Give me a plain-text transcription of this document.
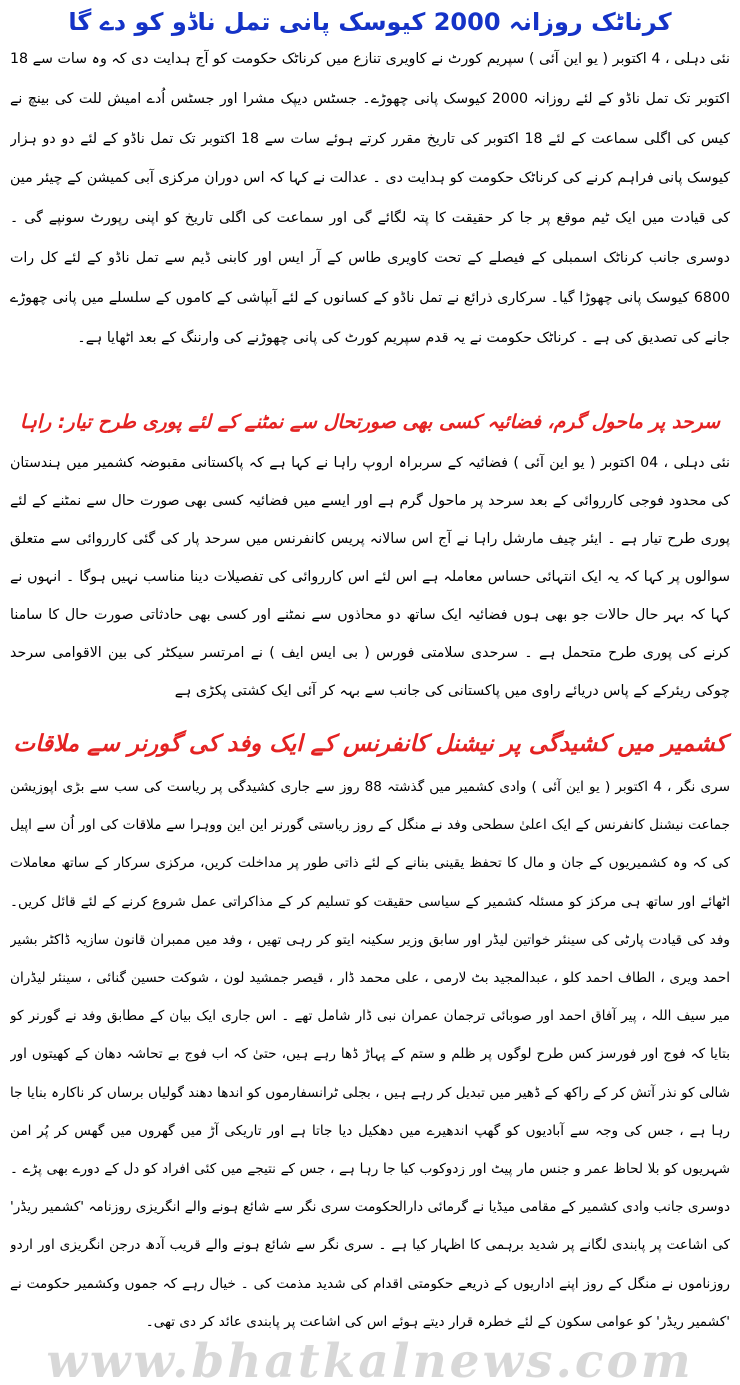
کرناٹک روزانہ 2000 کیوسک پانی تمل ناڈو کو دے گا

نئی دہلی ، 4 اکتوبر ( یو این آئی ) سپریم کورٹ نے کاویری تنازع میں کرناٹک حکومت کو آج ہدایت دی کہ وہ سات سے 18 اکتوبر تک تمل ناڈو کے لئے روزانہ 2000 کیوسک پانی چھوڑے۔ جسٹس دیپک مشرا اور جسٹس اُدے امیش للت کی بینچ نے کیس کی اگلی سماعت کے لئے 18 اکتوبر کی تاریخ مقرر کرتے ہوئے سات سے 18 اکتوبر تک تمل ناڈو کے لئے دو دو ہزار کیوسک پانی فراہم کرنے کی کرناٹک حکومت کو ہدایت دی ۔ عدالت نے کہا کہ اس دوران مرکزی آبی کمیشن کے چیئر مین کی قیادت میں ایک ٹیم موقع پر جا کر حقیقت کا پتہ لگائے گی اور سماعت کی اگلی تاریخ کو اپنی رپورٹ سونپے گی ۔ دوسری جانب کرناٹک اسمبلی کے فیصلے کے تحت کاویری طاس کے آر ایس اور کابنی ڈیم سے تمل ناڈو کے لئے کل رات 6800 کیوسک پانی چھوڑا گیا۔ سرکاری ذرائع نے تمل ناڈو کے کسانوں کے لئے آبپاشی کے کاموں کے سلسلے میں پانی چھوڑے جانے کی تصدیق کی ہے ۔ کرناٹک حکومت نے یہ قدم سپریم کورٹ کی پانی چھوڑنے کی وارننگ کے بعد اٹھایا ہے۔

سرحد پر ماحول گرم، فضائیہ کسی بھی صورتحال سے نمٹنے کے لئے پوری طرح تیار: راہا

نئی دہلی ، 04 اکتوبر ( یو این آئی ) فضائیہ کے سربراہ اروپ راہا نے کہا ہے کہ پاکستانی مقبوضہ کشمیر میں ہندستان کی محدود فوجی کارروائی کے بعد سرحد پر ماحول گرم ہے اور ایسے میں فضائیہ کسی بھی صورت حال سے نمٹنے کے لئے پوری طرح تیار ہے ۔ ایئر چیف مارشل راہا نے آج اس سالانہ پریس کانفرنس میں سرحد پار کی گئی کارروائی سے متعلق سوالوں پر کہا کہ یہ ایک انتہائی حساس معاملہ ہے اس لئے اس کارروائی کی تفصیلات دینا مناسب نہیں ہوگا ۔ انہوں نے کہا کہ بہر حال حالات جو بھی ہوں فضائیہ ایک ساتھ دو محاذوں سے نمٹنے اور کسی بھی حادثاتی صورت حال کا سامنا کرنے کی پوری طرح متحمل ہے ۔ سرحدی سلامتی فورس ( بی ایس ایف ) نے امرتسر سیکٹر کی بین الاقوامی سرحد چوکی ریئرکے کے پاس دریائے راوی میں پاکستانی کی جانب سے بہہ کر آئی ایک کشتی پکڑی ہے

کشمیر میں کشیدگی پر نیشنل کانفرنس کے ایک وفد کی گورنر سے ملاقات

سری نگر ، 4 اکتوبر ( یو این آئی ) وادی کشمیر میں گذشتہ 88 روز سے جاری کشیدگی پر ریاست کی سب سے بڑی اپوزیشن جماعت نیشنل کانفرنس کے ایک اعلیٰ سطحی وفد نے منگل کے روز ریاستی گورنر این این ووہرا سے ملاقات کی اور اُن سے اپیل کی کہ وہ کشمیریوں کے جان و مال کا تحفظ یقینی بنانے کے لئے ذاتی طور پر مداخلت کریں، مرکزی سرکار کے ساتھ معاملات اٹھائے اور ساتھ ہی مرکز کو مسئلہ کشمیر کے سیاسی حقیقت کو تسلیم کر کے مذاکراتی عمل شروع کرنے کے لئے قائل کریں۔ وفد کی قیادت پارٹی کی سینئر خواتین لیڈر اور سابق وزیر سکینہ ایتو کر رہی تھیں ، وفد میں ممبران قانون سازیہ ڈاکٹر بشیر احمد ویری ، الطاف احمد کلو ، عبدالمجید بٹ لارمی ، علی محمد ڈار ، قیصر جمشید لون ، شوکت حسین گنائی ، سینئر لیڈران میر سیف اللہ ، پیر آفاق احمد اور صوبائی ترجمان عمران نبی ڈار شامل تھے ۔ اس جاری ایک بیان کے مطابق وفد نے گورنر کو بتایا کہ فوج اور فورسز کس طرح لوگوں پر ظلم و ستم کے پہاڑ ڈھا رہے ہیں، حتیٰ کہ اب فوج بے تحاشہ دھان کے کھیتوں اور شالی کو نذر آتش کر کے راکھ کے ڈھیر میں تبدیل کر رہے ہیں ، بجلی ٹرانسفارموں کو اندھا دھند گولیاں برساں کر ناکارہ بنایا جا رہا ہے ، جس کی وجہ سے آبادیوں کو گھپ اندھیرے میں دھکیل دیا جاتا ہے اور تاریکی آڑ میں گھروں میں گھس کر پُر امن شہریوں کو بلا لحاظ عمر و جنس مار پیٹ اور زدوکوب کیا جا رہا ہے ، جس کے نتیجے میں کئی افراد کو دل کے دورے بھی پڑے ۔ دوسری جانب وادی کشمیر کے مقامی میڈیا نے گرمائی دارالحکومت سری نگر سے شائع ہونے والے انگریزی روزنامہ 'کشمیر ریڈر' کی اشاعت پر پابندی لگانے پر شدید برہمی کا اظہار کیا ہے ۔ سری نگر سے شائع ہونے والے قریب آدھ درجن انگریزی اور اردو روزناموں نے منگل کے روز اپنے اداریوں کے ذریعے حکومتی اقدام کی شدید مذمت کی ۔ خیال رہے کہ جموں وکشمیر حکومت نے 'کشمیر ریڈر' کو عوامی سکون کے لئے خطرہ قرار دیتے ہوئے اس کی اشاعت پر پابندی عائد کر دی تھی۔

www.bhatkalnews.com
